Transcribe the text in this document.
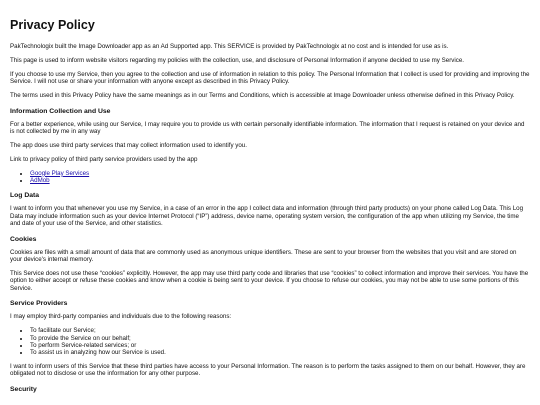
Privacy Policy

PakTechnologix built the Image Downloader app as an Ad Supported app. This SERVICE is provided by PakTechnologix at no cost and is intended for use as is.

This page is used to inform website visitors regarding my policies with the collection, use, and disclosure of Personal Information if anyone decided to use my Service.

If you choose to use my Service, then you agree to the collection and use of information in relation to this policy. The Personal Information that I collect is used for providing and improving the Service. I will not use or share your information with anyone except as described in this Privacy Policy.

The terms used in this Privacy Policy have the same meanings as in our Terms and Conditions, which is accessible at Image Downloader unless otherwise defined in this Privacy Policy.

Information Collection and Use

For a better experience, while using our Service, I may require you to provide us with certain personally identifiable information. The information that I request is retained on your device and is not collected by me in any way

The app does use third party services that may collect information used to identify you.

Link to privacy policy of third party service providers used by the app

• Google Play Services
• AdMob
Log Data

I want to inform you that whenever you use my Service, in a case of an error in the app I collect data and information (through third party products) on your phone called Log Data. This Log Data may include information such as your device Internet Protocol (“IP”) address, device name, operating system version, the configuration of the app when utilizing my Service, the time and date of your use of the Service, and other statistics.

Cookies

Cookies are files with a small amount of data that are commonly used as anonymous unique identifiers. These are sent to your browser from the websites that you visit and are stored on your device's internal memory.

This Service does not use these “cookies” explicitly. However, the app may use third party code and libraries that use “cookies” to collect information and improve their services. You have the option to either accept or refuse these cookies and know when a cookie is being sent to your device. If you choose to refuse our cookies, you may not be able to use some portions of this Service.

Service Providers

I may employ third-party companies and individuals due to the following reasons:

• To facilitate our Service;
• To provide the Service on our behalf;
• To perform Service-related services; or
• To assist us in analyzing how our Service is used.

I want to inform users of this Service that these third parties have access to your Personal Information. The reason is to perform the tasks assigned to them on our behalf. However, they are obligated not to disclose or use the information for any other purpose.

Security
